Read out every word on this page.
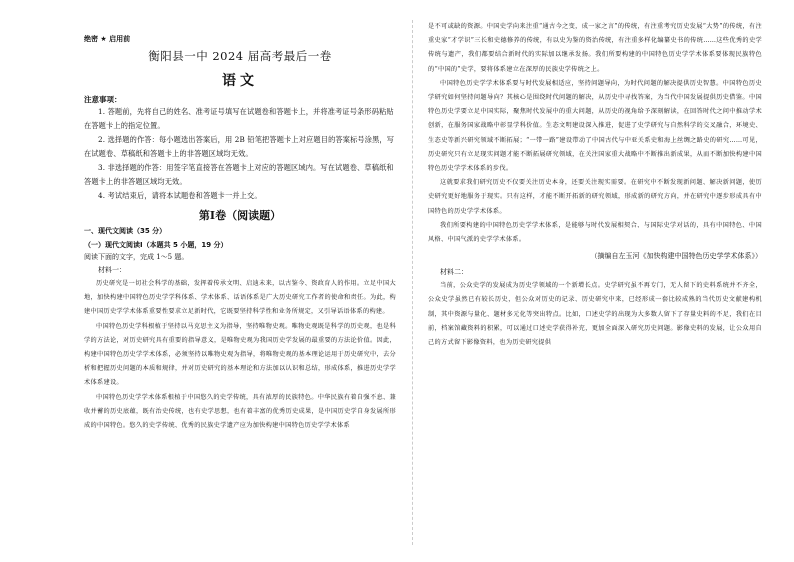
绝密 ★ 启用前
衡阳县一中 2024 届高考最后一卷
语文
注意事项：

1. 答题前，先将自己的姓名、准考证号填写在试题卷和答题卡上，并将准考证号条形码粘贴在答题卡上的指定位置。

2. 选择题的作答：每小题选出答案后，用 2B 铅笔把答题卡上对应题目的答案标号涂黑，写在试题卷、草稿纸和答题卡上的非答题区域均无效。

3. 非选择题的作答：用签字笔直接答在答题卡上对应的答题区域内。写在试题卷、草稿纸和答题卡上的非答题区域均无效。

4. 考试结束后，请将本试题卷和答题卡一并上交。

第Ⅰ卷（阅读题）
一、现代文阅读（35 分）
（一）现代文阅读Ⅰ（本题共 5 小题，19 分）
阅读下面的文字，完成 1～5 题。
材料一：

历史研究是一切社会科学的基础，发挥着传承文明、启迪未来，以古鉴今、资政育人的作用。立足中国大地，加快构建中国特色历史学学科体系、学术体系、话语体系是广大历史研究工作者的使命和责任。为此，构建中国历史学学术体系重要性要求立足新时代，它既要坚持科学性和业务所规定，又引导话语体系的构建。

中国特色历史学科根植于坚持以马克思主义为指导，坚持唯物史观。唯物史观既是科学的历史观，也是科学的方法论，对历史研究具有重要的指导意义，是唯物史观为我国历史学发展的最重要的方法论价值。因此，构建中国特色历史学学术体系，必须坚持以唯物史观为指导，将唯物史观的基本理论运用于历史研究中，去分析和把握历史问题的本质和规律，并对历史研究的基本理论和方法加以认识和总结，形成体系，推进历史学学术体系建设。

中国特色历史学学术体系根植于中国悠久的史学传统，具有浓厚的民族特色。中华民族有着自强不息、兼收并蓄的历史底蕴，既有治史传统，也有史学思想，也有着丰富的优秀历史成果，是中国历史学自身发展所形成的中国特色。悠久的史学传统、优秀的民族史学遗产应为加快构建中国特色历史学学术体系

是不可或缺的资源。中国史学向来注重“通古今之变，成一家之言”的传统，有注重考究历史发展“大势”的传统，有注重史家“才学识”三长和史德修养的传统，有以史为鉴的资治传统，有注重多样化编纂史书的传统……这些优秀的史学传统与遗产，我们都要结合新时代的实际加以继承发扬。我们所要构建的中国特色历史学学术体系要体现民族特色的“中国的”史学，要将体系建立在深厚的民族史学传统之上。

中国特色历史学学术体系要与时代发展相适应，坚持问题导向，为时代问题的解决提供历史智慧。中国特色历史学研究如何坚持问题导向？其核心是围绕时代问题的解决，从历史中寻找答案，为当代中国发展提供历史借鉴。中国特色历史学要立足中国实际，聚焦时代发展中的重大问题，从历史的视角给予深刻解读，在回答时代之问中推动学术创新，在服务国家战略中彰显学科价值。生态文明建设深入推进，促进了史学研究与自然科学的交叉融合，环境史、生态史等新兴研究领域不断拓展；“一带一路”建设带动了中国古代与中亚关系史和海上丝绸之路史的研究……可见，历史研究只有立足现实问题才能不断拓展研究领域，在关注国家重大战略中不断推出新成果，从而不断加快构建中国特色历史学学术体系的步伐。

这就要求我们研究历史不仅要关注历史本身，还要关注现实需要。在研究中不断发现新问题、解决新问题，使历史研究更好地服务于现实。只有这样，才能不断开拓新的研究领域，形成新的研究方向，并在研究中逐步形成具有中国特色的历史学学术体系。

我们所要构建的中国特色历史学学术体系，是能够与时代发展相契合、与国际史学对话的，具有中国特色、中国风格、中国气派的史学学术体系。

（摘编自左玉河《加快构建中国特色历史学学术体系》）
材料二：

当前，公众史学的发展成为历史学领域的一个新增长点。史学研究虽不再专门，无人留下的史料系统并不齐全，公众史学虽然已有较长历史，但公众对历史的记录、历史研究中来，已经形成一套比较成熟的当代历史文献建构机制，其中资源与量化、题材多元化等突出特点。比如，口述史学的出现为大多数人留下了存量史料的不足，我们在目前，档案馆藏资料的积累，可以通过口述史学获得补充，更加全面深入研究历史问题。影像史料的发展，让公众用自己的方式留下影像资料，也为历史研究提供
